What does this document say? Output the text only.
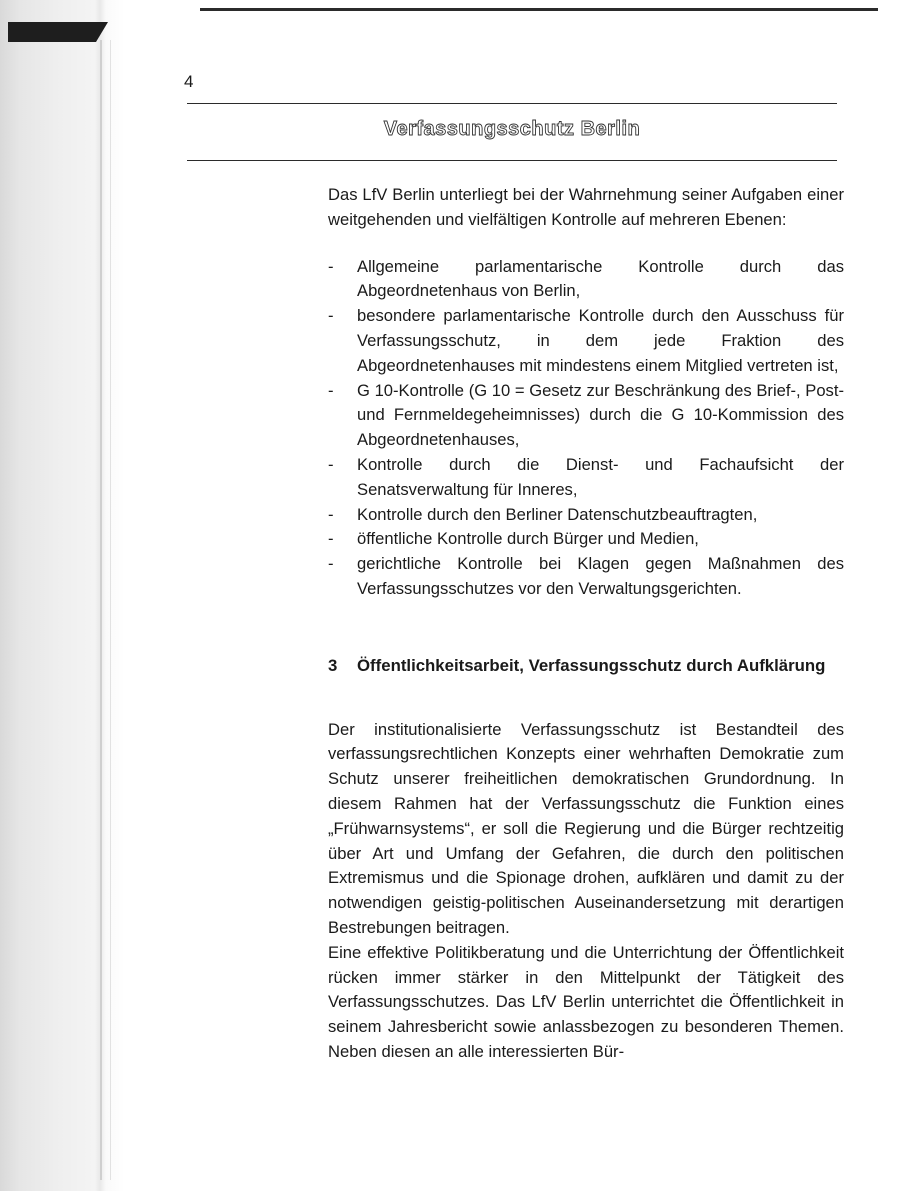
4
Verfassungsschutz Berlin

Das LfV Berlin unterliegt bei der Wahrnehmung seiner Aufgaben einer weitgehenden und vielfältigen Kontrolle auf mehreren Ebenen:

- Allgemeine parlamentarische Kontrolle durch das Abgeordnetenhaus von Berlin,
- besondere parlamentarische Kontrolle durch den Ausschuss für Verfassungsschutz, in dem jede Fraktion des Abgeordnetenhauses mit mindestens einem Mitglied vertreten ist,
- G 10-Kontrolle (G 10 = Gesetz zur Beschränkung des Brief-, Post- und Fernmeldegeheimnisses) durch die G 10-Kommission des Abgeordnetenhauses,
- Kontrolle durch die Dienst- und Fachaufsicht der Senatsverwaltung für Inneres,
- Kontrolle durch den Berliner Datenschutzbeauftragten,
- öffentliche Kontrolle durch Bürger und Medien,
- gerichtliche Kontrolle bei Klagen gegen Maßnahmen des Verfassungsschutzes vor den Verwaltungsgerichten.
3	Öffentlichkeitsarbeit, Verfassungsschutz durch Aufklärung

Der institutionalisierte Verfassungsschutz ist Bestandteil des verfassungsrechtlichen Konzepts einer wehrhaften Demokratie zum Schutz unserer freiheitlichen demokratischen Grundordnung. In diesem Rahmen hat der Verfassungsschutz die Funktion eines „Frühwarnsystems“, er soll die Regierung und die Bürger rechtzeitig über Art und Umfang der Gefahren, die durch den politischen Extremismus und die Spionage drohen, aufklären und damit zu der notwendigen geistig-politischen Auseinandersetzung mit derartigen Bestrebungen beitragen.

Eine effektive Politikberatung und die Unterrichtung der Öffentlichkeit rücken immer stärker in den Mittelpunkt der Tätigkeit des Verfassungsschutzes. Das LfV Berlin unterrichtet die Öffentlichkeit in seinem Jahresbericht sowie anlassbezogen zu besonderen Themen. Neben diesen an alle interessierten Bür-
